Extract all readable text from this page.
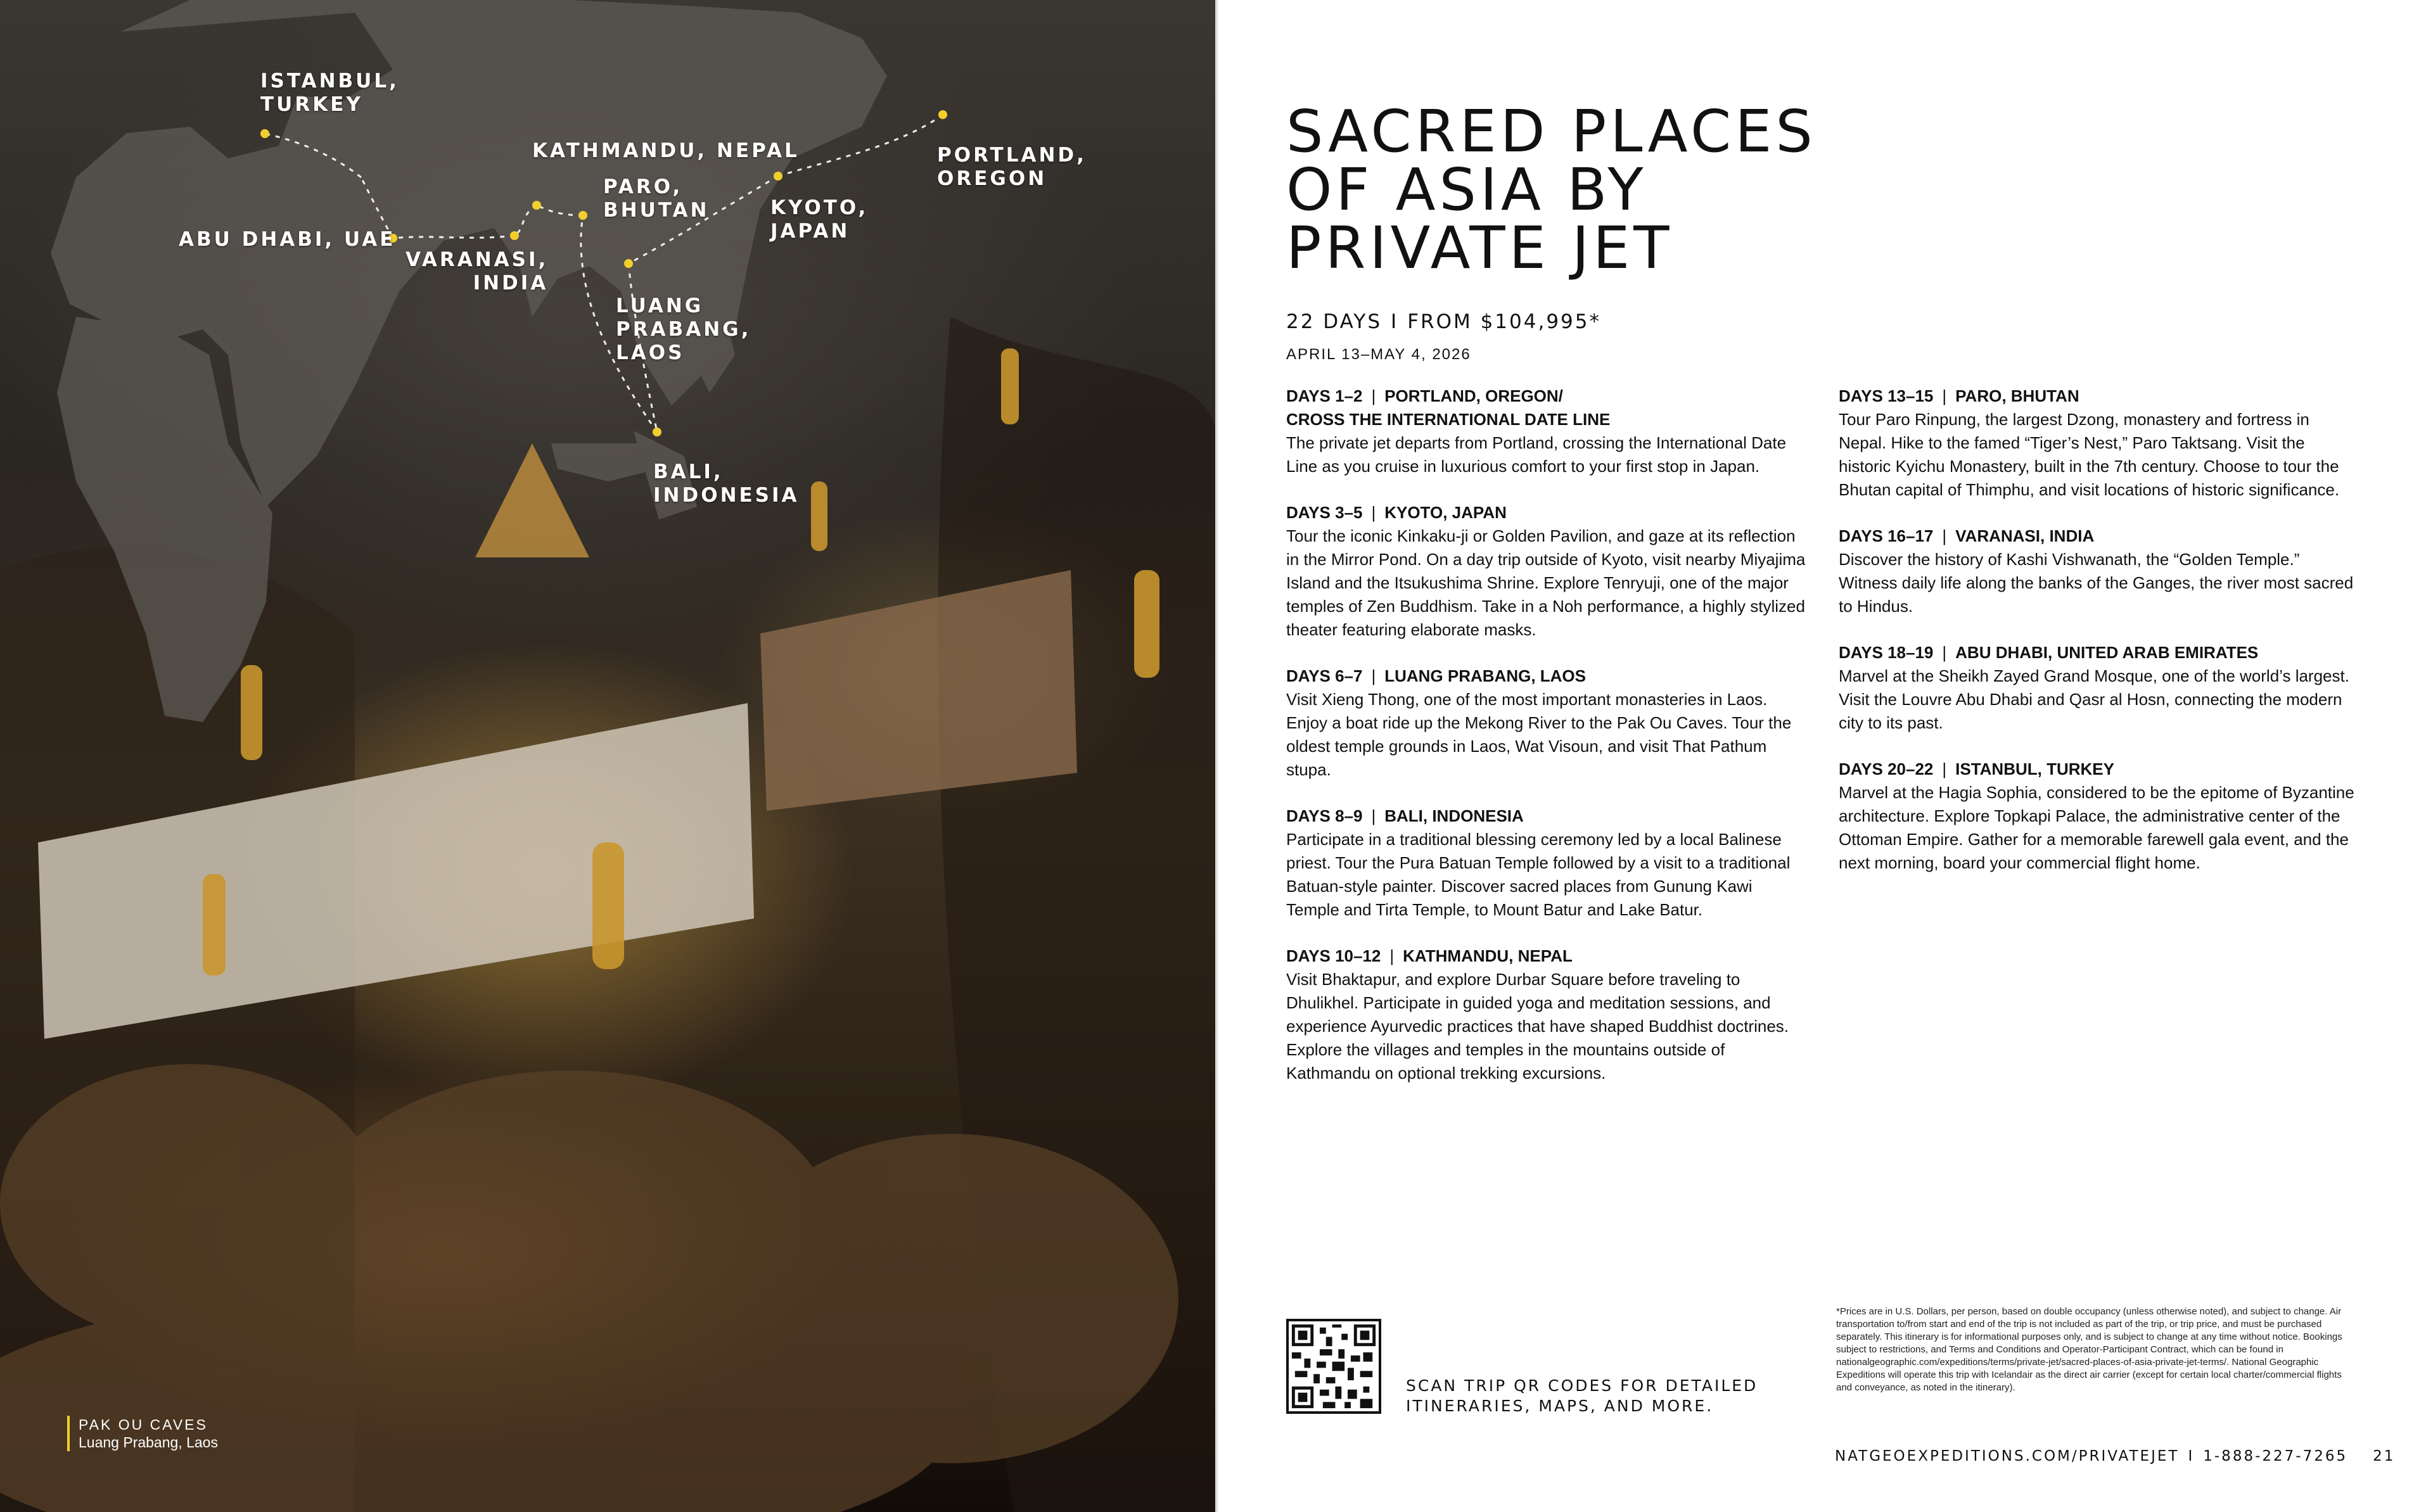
ISTANBUL,
TURKEY
ABU DHABI, UAE
VARANASI,
INDIA
KATHMANDU, NEPAL
PARO,
BHUTAN	KYOTO,
JAPAN
PORTLAND,
OREGON
LUANG
PRABANG,
LAOS
BALI,
INDONESIA
PAK OU CAVES
Luang Prabang, Laos
SACRED PLACES
OF ASIA BY
PRIVATE JET
22 DAYS I FROM $104,995*
APRIL 13–MAY 4, 2026
DAYS 1–2 | PORTLAND, OREGON/
CROSS THE INTERNATIONAL DATE LINE

The private jet departs from Portland, crossing the International Date Line as you cruise in luxurious comfort to your first stop in Japan.

DAYS 3–5 | KYOTO, JAPAN

Tour the iconic Kinkaku-ji or Golden Pavilion, and gaze at its reflection in the Mirror Pond. On a day trip outside of Kyoto, visit nearby Miyajima Island and the Itsukushima Shrine. Explore Tenryuji, one of the major temples of Zen Buddhism. Take in a Noh performance, a highly stylized theater featuring elaborate masks.

DAYS 6–7 | LUANG PRABANG, LAOS

Visit Xieng Thong, one of the most important monasteries in Laos. Enjoy a boat ride up the Mekong River to the Pak Ou Caves. Tour the oldest temple grounds in Laos, Wat Visoun, and visit That Pathum stupa.

DAYS 8–9 | BALI, INDONESIA

Participate in a traditional blessing ceremony led by a local Balinese priest. Tour the Pura Batuan Temple followed by a visit to a traditional Batuan-style painter. Discover sacred places from Gunung Kawi Temple and Tirta Temple, to Mount Batur and Lake Batur.

DAYS 10–12 | KATHMANDU, NEPAL

Visit Bhaktapur, and explore Durbar Square before traveling to Dhulikhel. Participate in guided yoga and meditation sessions, and experience Ayurvedic practices that have shaped Buddhist doctrines. Explore the villages and temples in the mountains outside of Kathmandu on optional trekking excursions.

DAYS 13–15 | PARO, BHUTAN

Tour Paro Rinpung, the largest Dzong, monastery and fortress in Nepal. Hike to the famed “Tiger’s Nest,” Paro Taktsang. Visit the historic Kyichu Monastery, built in the 7th century. Choose to tour the Bhutan capital of Thimphu, and visit locations of historic significance.

DAYS 16–17 | VARANASI, INDIA

Discover the history of Kashi Vishwanath, the “Golden Temple.” Witness daily life along the banks of the Ganges, the river most sacred to Hindus.

DAYS 18–19 | ABU DHABI, UNITED ARAB EMIRATES

Marvel at the Sheikh Zayed Grand Mosque, one of the world’s largest. Visit the Louvre Abu Dhabi and Qasr al Hosn, connecting the modern city to its past.

DAYS 20–22 | ISTANBUL, TURKEY

Marvel at the Hagia Sophia, considered to be the epitome of Byzantine architecture. Explore Topkapi Palace, the administrative center of the Ottoman Empire. Gather for a memorable farewell gala event, and the next morning, board your commercial flight home.

SCAN TRIP QR CODES FOR DETAILED
ITINERARIES, MAPS, AND MORE.
*Prices are in U.S. Dollars, per person, based on double occupancy (unless otherwise noted), and subject to change. Air transportation to/from start and end of the trip is not included as part of the trip, or trip price, and must be purchased separately. This itinerary is for informational purposes only, and is subject to change at any time without notice. Bookings subject to restrictions, and Terms and Conditions and Operator-Participant Contract, which can be found in nationalgeographic.com/expeditions/terms/private-jet/sacred-places-of-asia-private-jet-terms/. National Geographic Expeditions will operate this trip with Icelandair as the direct air carrier (except for certain local charter/commercial flights and conveyance, as noted in the itinerary).
NATGEOEXPEDITIONS.COM/PRIVATEJET I 1-888-227-7265 21
